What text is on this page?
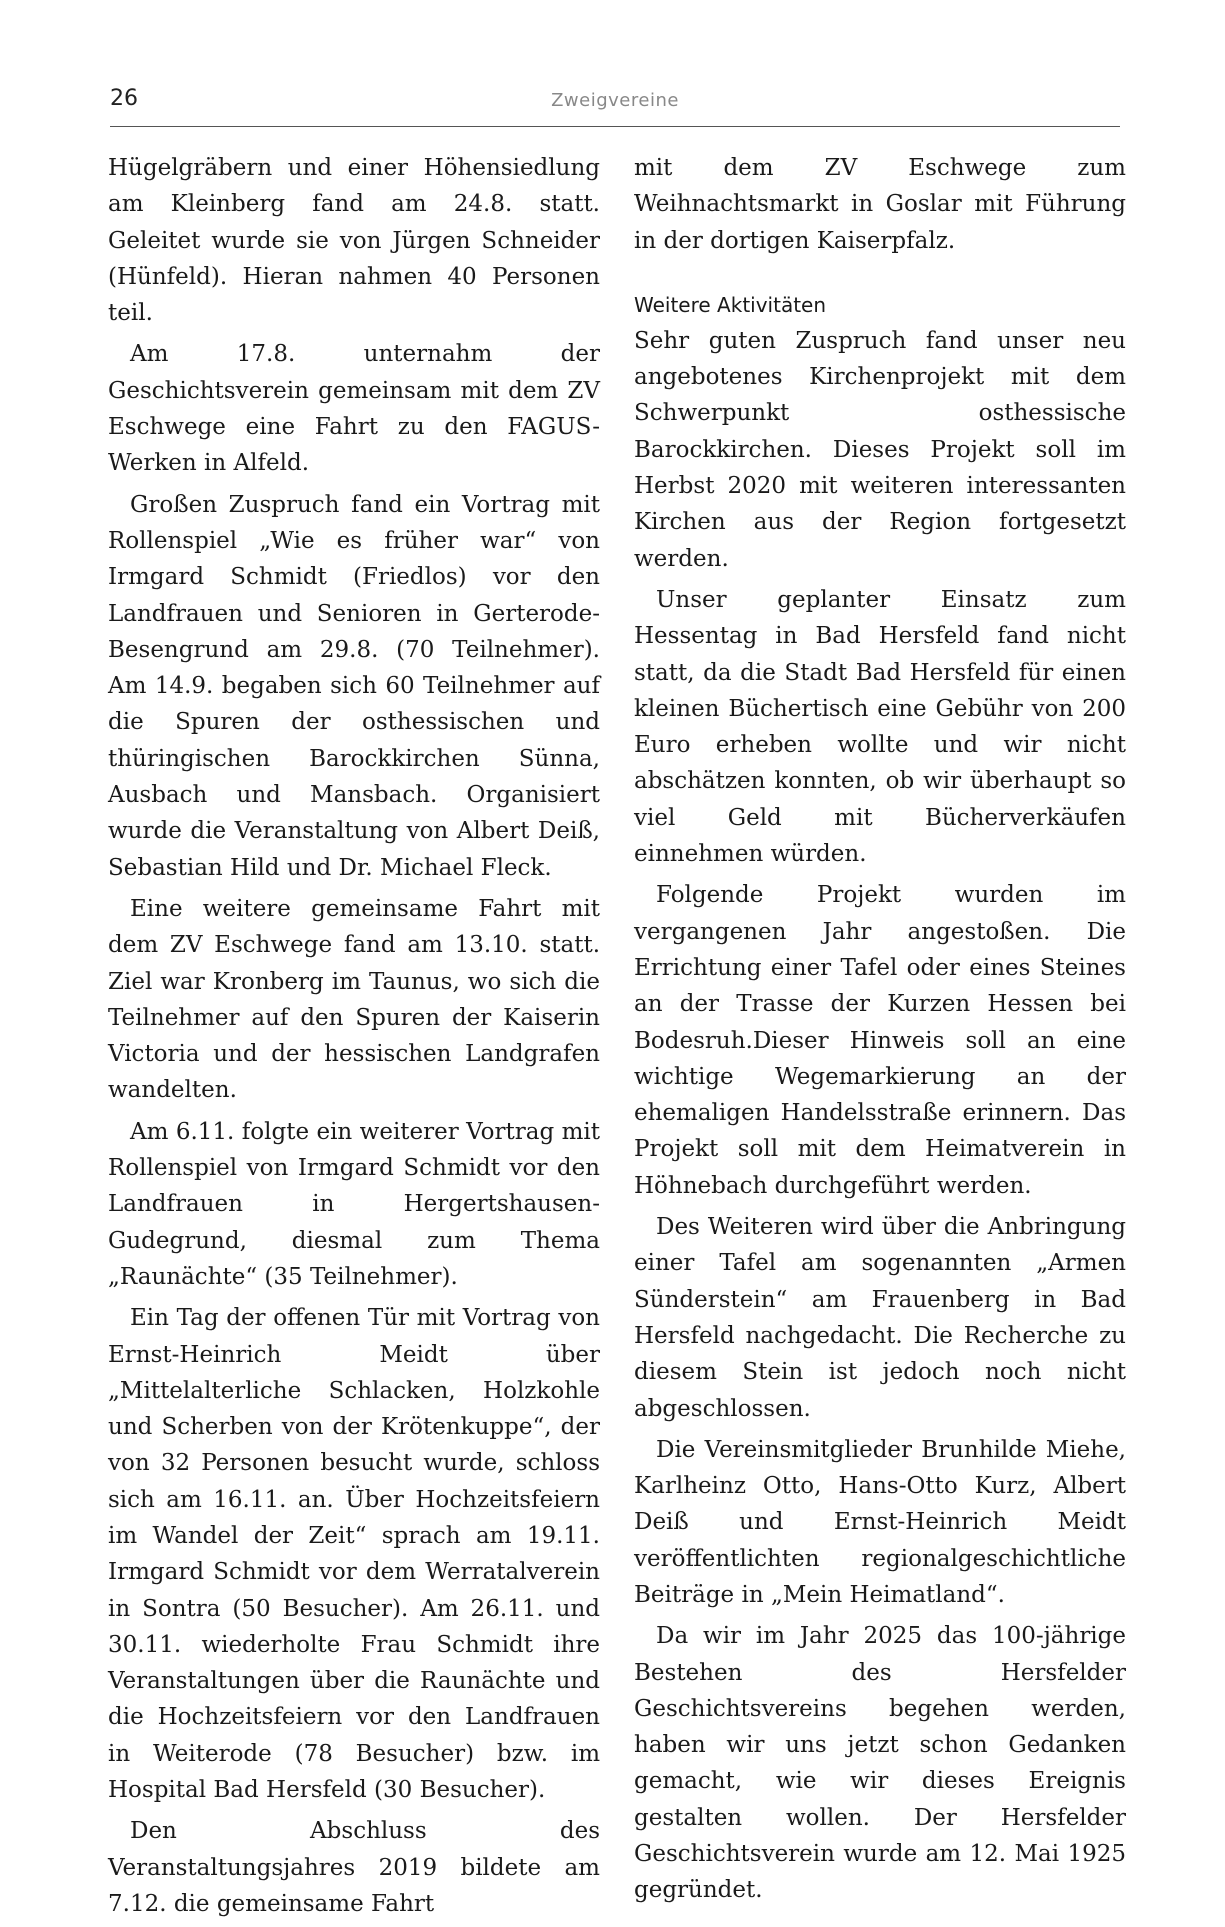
26	Zweigvereine

Hügelgräbern und einer Höhensiedlung am Kleinberg fand am 24.8. statt. Geleitet wurde sie von Jürgen Schneider (Hünfeld). Hieran nahmen 40 Personen teil.

Am 17.8. unternahm der Geschichtsverein gemeinsam mit dem ZV Eschwege eine Fahrt zu den FAGUS-Werken in Alfeld.

Großen Zuspruch fand ein Vortrag mit Rollenspiel „Wie es früher war“ von Irmgard Schmidt (Friedlos) vor den Landfrauen und Senioren in Gerterode-Besengrund am 29.8. (70 Teilnehmer). Am 14.9. begaben sich 60 Teilnehmer auf die Spuren der osthessischen und thüringischen Barockkirchen Sünna, Ausbach und Mansbach. Organisiert wurde die Veranstaltung von Albert Deiß, Sebastian Hild und Dr. Michael Fleck.

Eine weitere gemeinsame Fahrt mit dem ZV Eschwege fand am 13.10. statt. Ziel war Kronberg im Taunus, wo sich die Teilnehmer auf den Spuren der Kaiserin Victoria und der hessischen Landgrafen wandelten.

Am 6.11. folgte ein weiterer Vortrag mit Rollenspiel von Irmgard Schmidt vor den Landfrauen in Hergertshausen-Gudegrund, diesmal zum Thema „Raunächte“ (35 Teilnehmer).

Ein Tag der offenen Tür mit Vortrag von Ernst-Heinrich Meidt über „Mittelalterliche Schlacken, Holzkohle und Scherben von der Krötenkuppe“, der von 32 Personen besucht wurde, schloss sich am 16.11. an. Über Hochzeitsfeiern im Wandel der Zeit“ sprach am 19.11. Irmgard Schmidt vor dem Werratalverein in Sontra (50 Besucher). Am 26.11. und 30.11. wiederholte Frau Schmidt ihre Veranstaltungen über die Raunächte und die Hochzeitsfeiern vor den Landfrauen in Weiterode (78 Besucher) bzw. im Hospital Bad Hersfeld (30 Besucher).

Den Abschluss des Veranstaltungsjahres 2019 bildete am 7.12. die gemeinsame Fahrt

mit dem ZV Eschwege zum Weihnachtsmarkt in Goslar mit Führung in der dortigen Kaiserpfalz.

Weitere Aktivitäten

Sehr guten Zuspruch fand unser neu angebotenes Kirchenprojekt mit dem Schwerpunkt osthessische Barockkirchen. Dieses Projekt soll im Herbst 2020 mit weiteren interessanten Kirchen aus der Region fortgesetzt werden.

Unser geplanter Einsatz zum Hessentag in Bad Hersfeld fand nicht statt, da die Stadt Bad Hersfeld für einen kleinen Büchertisch eine Gebühr von 200 Euro erheben wollte und wir nicht abschätzen konnten, ob wir überhaupt so viel Geld mit Bücherverkäufen einnehmen würden.

Folgende Projekt wurden im vergangenen Jahr angestoßen. Die Errichtung einer Tafel oder eines Steines an der Trasse der Kurzen Hessen bei Bodesruh.Dieser Hinweis soll an eine wichtige Wegemarkierung an der ehemaligen Handelsstraße erinnern. Das Projekt soll mit dem Heimatverein in Höhnebach durchgeführt werden.

Des Weiteren wird über die Anbringung einer Tafel am sogenannten „Armen Sünderstein“ am Frauenberg in Bad Hersfeld nachgedacht. Die Recherche zu diesem Stein ist jedoch noch nicht abgeschlossen.

Die Vereinsmitglieder Brunhilde Miehe, Karlheinz Otto, Hans-Otto Kurz, Albert Deiß und Ernst-Heinrich Meidt veröffentlichten regionalgeschichtliche Beiträge in „Mein Heimatland“.

Da wir im Jahr 2025 das 100-jährige Bestehen des Hersfelder Geschichtsvereins begehen werden, haben wir uns jetzt schon Gedanken gemacht, wie wir dieses Ereignis gestalten wollen. Der Hersfelder Geschichtsverein wurde am 12. Mai 1925 gegründet.
